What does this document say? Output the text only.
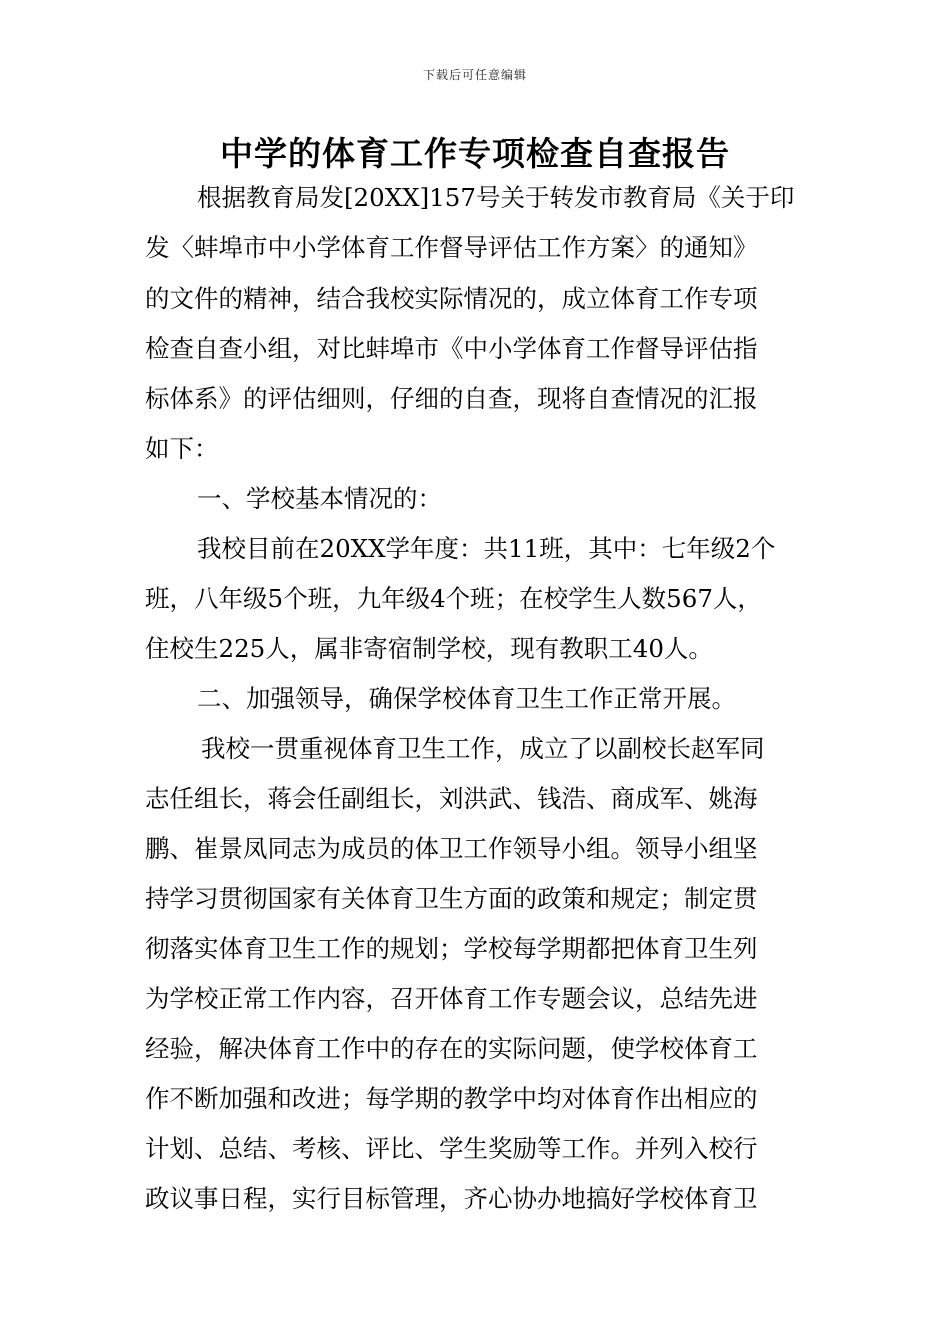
下载后可任意编辑
中学的体育工作专项检查自查报告
根据教育局发[20XX]157号关于转发市教育局《关于印
发〈蚌埠市中小学体育工作督导评估工作方案〉的通知》
的文件的精神，结合我校实际情况的，成立体育工作专项
检查自查小组，对比蚌埠市《中小学体育工作督导评估指
标体系》的评估细则，仔细的自查，现将自查情况的汇报
如下：
一、学校基本情况的：
我校目前在20XX学年度：共11班，其中：七年级2个
班，八年级5个班，九年级4个班；在校学生人数567人，
住校生225人，属非寄宿制学校，现有教职工40人。
二、加强领导，确保学校体育卫生工作正常开展。
我校一贯重视体育卫生工作，成立了以副校长赵军同
志任组长，蒋会任副组长，刘洪武、钱浩、商成军、姚海
鹏、崔景凤同志为成员的体卫工作领导小组。领导小组坚
持学习贯彻国家有关体育卫生方面的政策和规定；制定贯
彻落实体育卫生工作的规划；学校每学期都把体育卫生列
为学校正常工作内容，召开体育工作专题会议，总结先进
经验，解决体育工作中的存在的实际问题，使学校体育工
作不断加强和改进；每学期的教学中均对体育作出相应的
计划、总结、考核、评比、学生奖励等工作。并列入校行
政议事日程，实行目标管理，齐心协办地搞好学校体育卫
